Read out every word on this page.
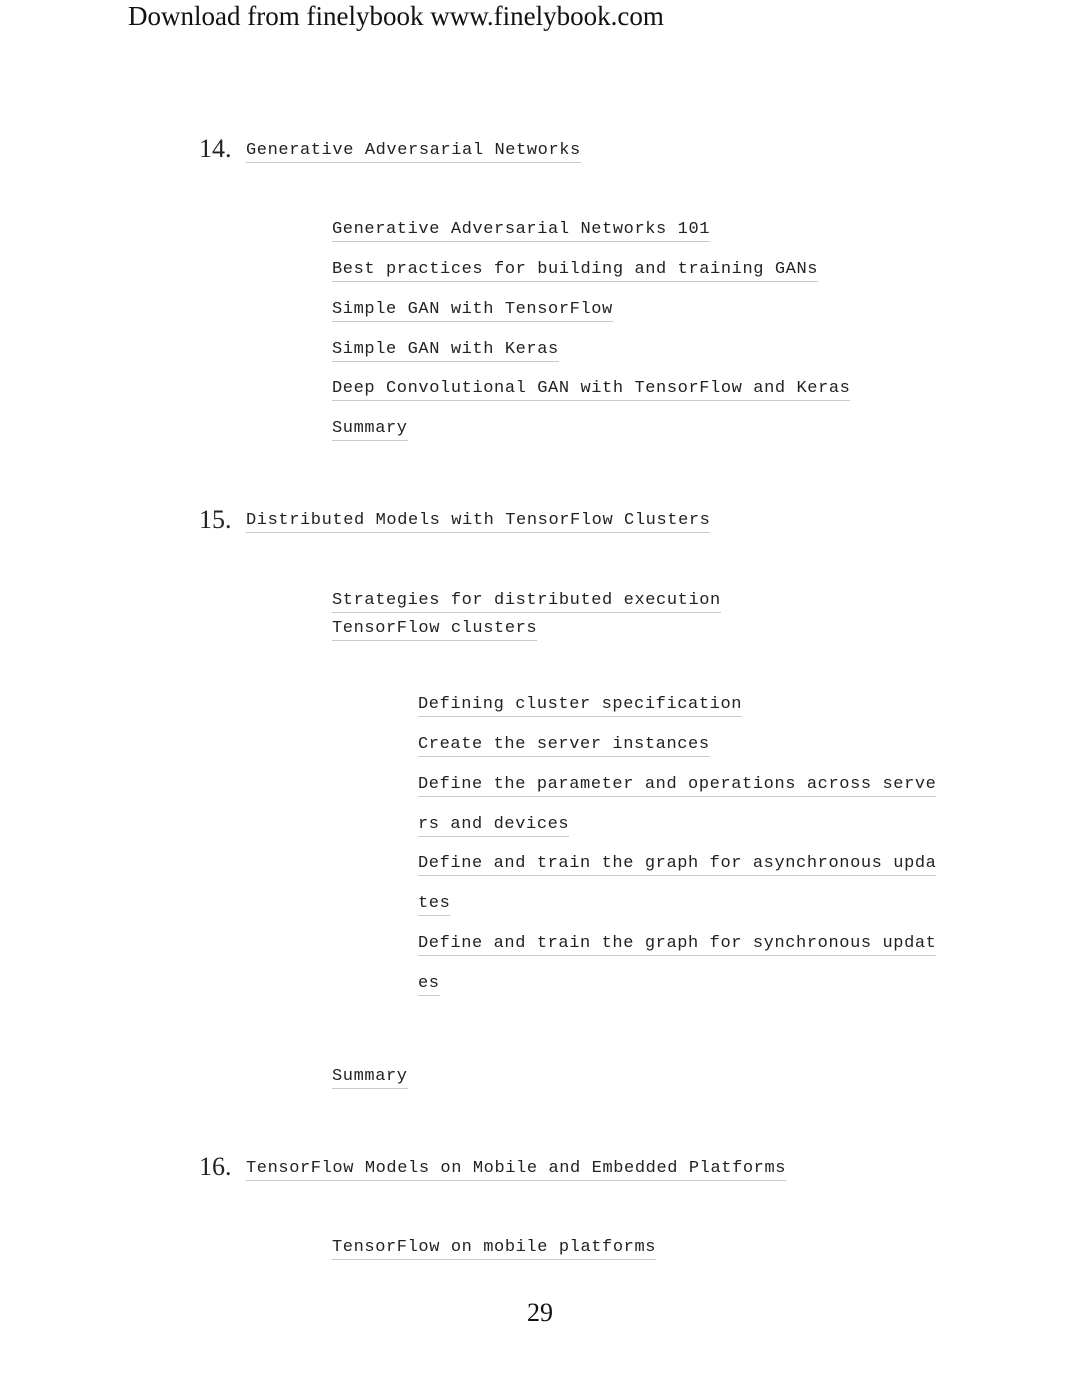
Download from finelybook www.finelybook.com
14. Generative Adversarial Networks
Generative Adversarial Networks 101
Best practices for building and training GANs
Simple GAN with TensorFlow
Simple GAN with Keras
Deep Convolutional GAN with TensorFlow and Keras
Summary
15. Distributed Models with TensorFlow Clusters
Strategies for distributed execution
TensorFlow clusters
Defining cluster specification
Create the server instances
Define the parameter and operations across serve
rs and devices
Define and train the graph for asynchronous upda
tes
Define and train the graph for synchronous updat
es
Summary
16. TensorFlow Models on Mobile and Embedded Platforms
TensorFlow on mobile platforms
29
